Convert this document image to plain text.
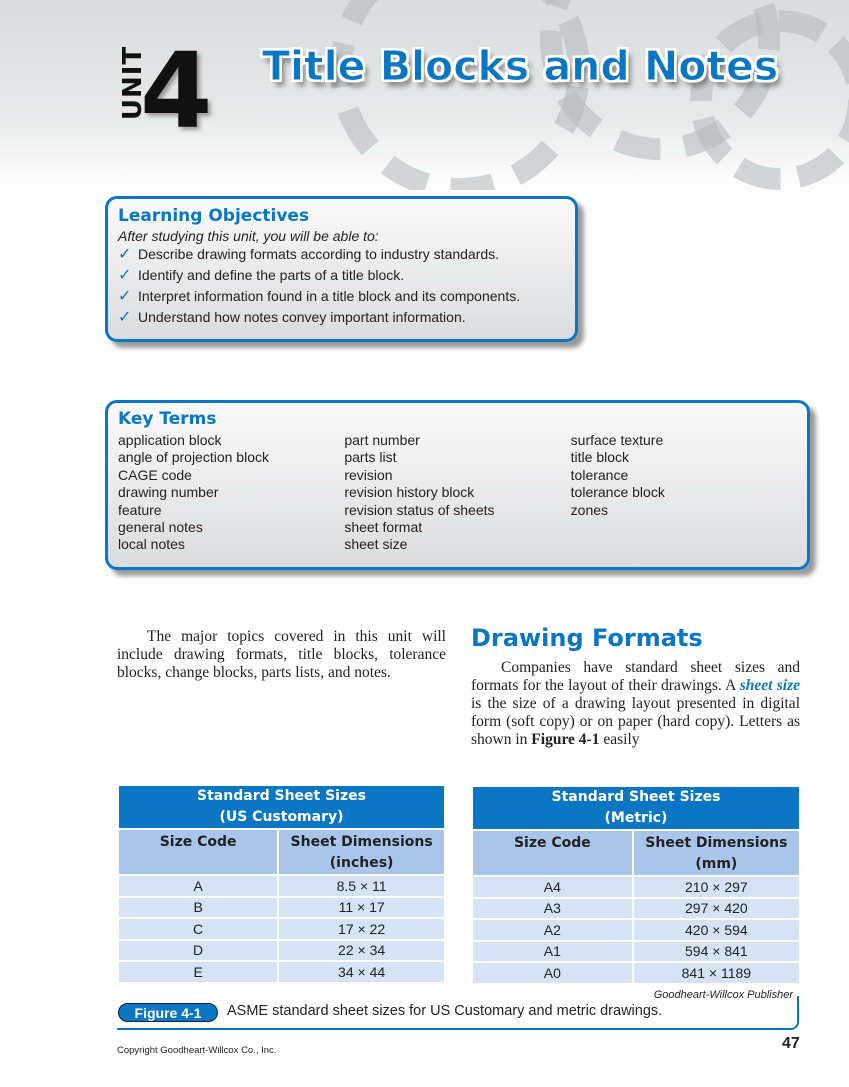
UNIT
4 Title Blocks and Notes
Learning Objectives
After studying this unit, you will be able to:
✓ Describe drawing formats according to industry standards.
✓ Identify and define the parts of a title block.
✓ Interpret information found in a title block and its components.
✓ Understand how notes convey important information.
Key Terms

application block

angle of projection block

CAGE code

drawing number

feature

general notes

local notes

part number

parts list

revision

revision history block

revision status of sheets

sheet format

sheet size

surface texture

title block

tolerance

tolerance block

zones

The major topics covered in this unit will include drawing formats, title blocks, tolerance blocks, change blocks, parts lists, and notes.
Drawing Formats
Companies have standard sheet sizes and formats for the layout of their drawings. A sheet size is the size of a drawing layout presented in digital form (soft copy) or on paper (hard copy). Letters as shown in Figure 4-1 easily
Standard Sheet Sizes
(US Customary)	
Size Code	Sheet Dimensions
(inches)
A	8.5 × 11
B	11 × 17
C	17 × 22
D	22 × 34
E	34 × 44
Standard Sheet Sizes
(Metric)	
Size Code	Sheet Dimensions
(mm)
A4	210 × 297
A3	297 × 420
A2	420 × 594
A1	594 × 841
A0	841 × 1189
Goodheart-Willcox Publisher
Figure 4-1	ASME standard sheet sizes for US Customary and metric drawings.
Copyright Goodheart-Willcox Co., Inc.	47
